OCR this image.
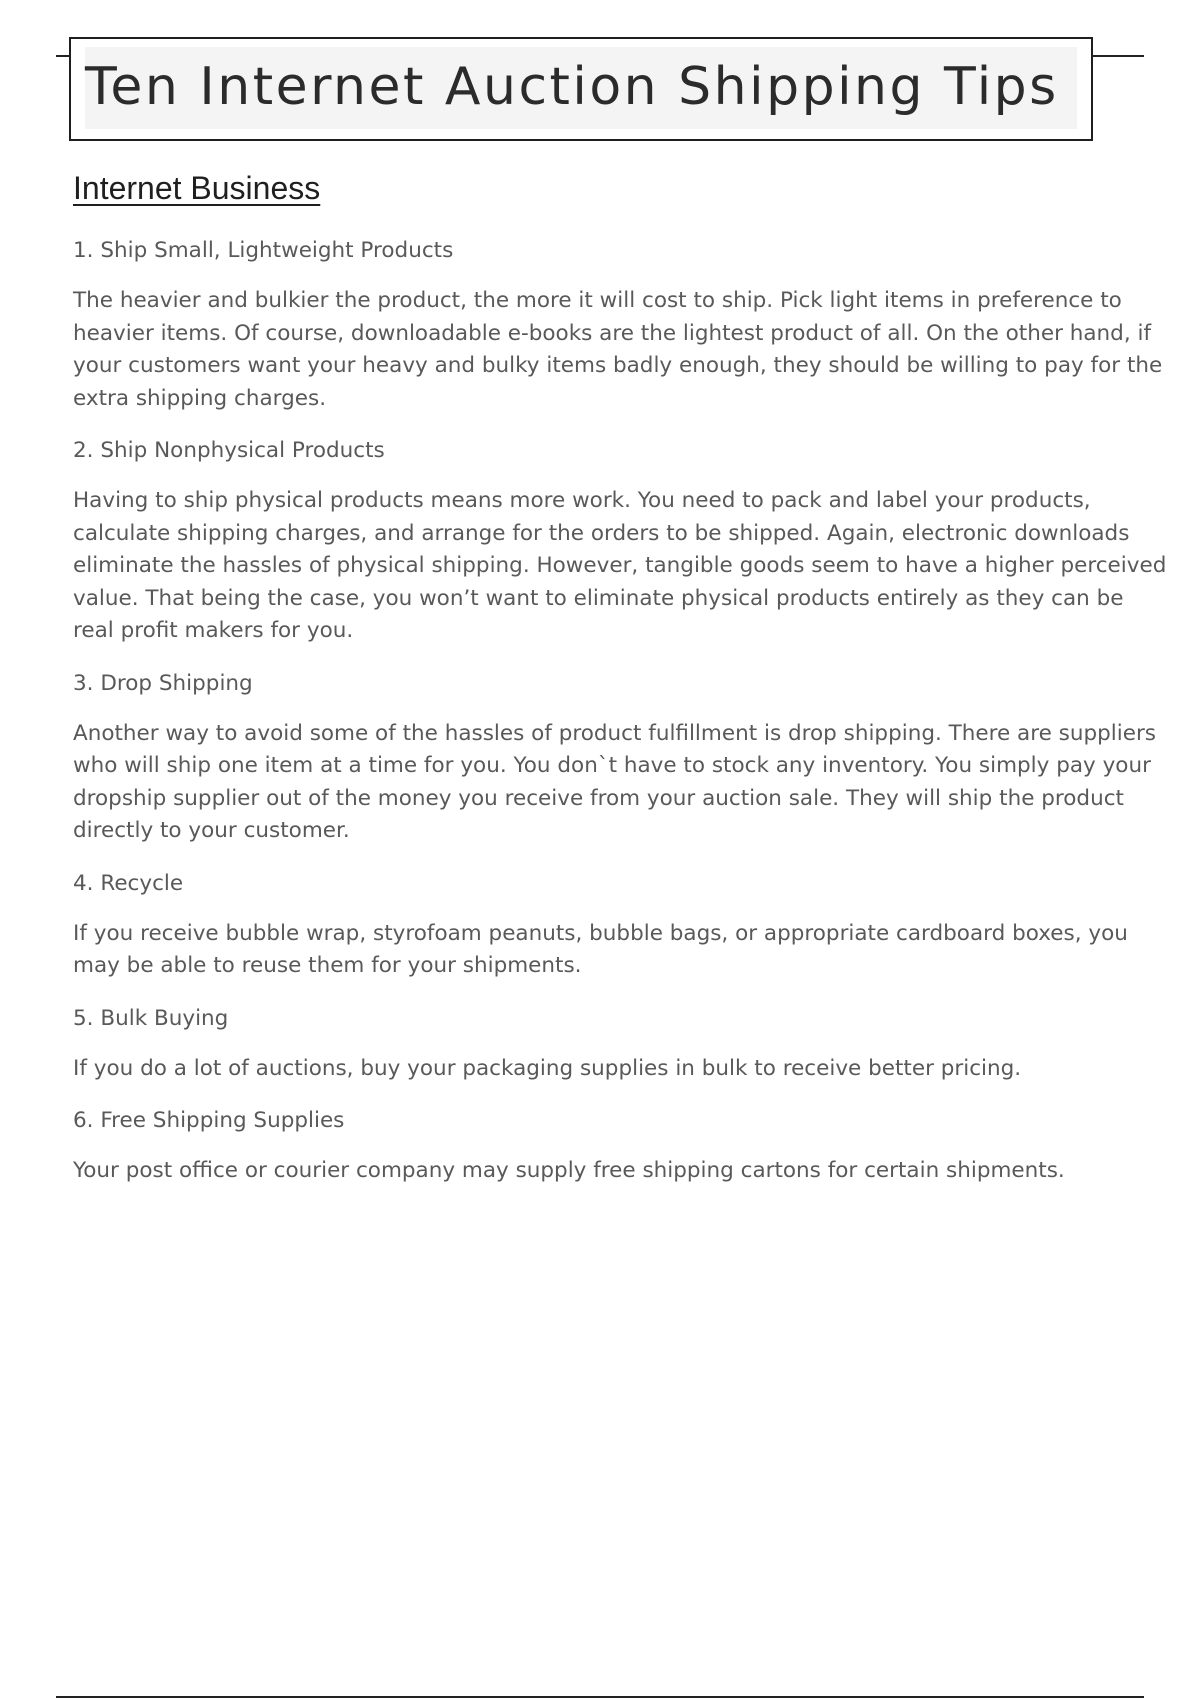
Ten Internet Auction Shipping Tips
Internet Business

1. Ship Small, Lightweight Products

The heavier and bulkier the product, the more it will cost to ship. Pick light items in preference to heavier items. Of course, downloadable e-books are the lightest product of all. On the other hand, if your customers want your heavy and bulky items badly enough, they should be willing to pay for the extra shipping charges.

2. Ship Nonphysical Products

Having to ship physical products means more work. You need to pack and label your products, calculate shipping charges, and arrange for the orders to be shipped. Again, electronic downloads eliminate the hassles of physical shipping. However, tangible goods seem to have a higher perceived value. That being the case, you won’t want to eliminate physical products entirely as they can be real profit makers for you.

3. Drop Shipping

Another way to avoid some of the hassles of product fulfillment is drop shipping. There are suppliers who will ship one item at a time for you. You don`t have to stock any inventory. You simply pay your dropship supplier out of the money you receive from your auction sale. They will ship the product directly to your customer.

4. Recycle

If you receive bubble wrap, styrofoam peanuts, bubble bags, or appropriate cardboard boxes, you may be able to reuse them for your shipments.

5. Bulk Buying

If you do a lot of auctions, buy your packaging supplies in bulk to receive better pricing.

6. Free Shipping Supplies

Your post office or courier company may supply free shipping cartons for certain shipments.
